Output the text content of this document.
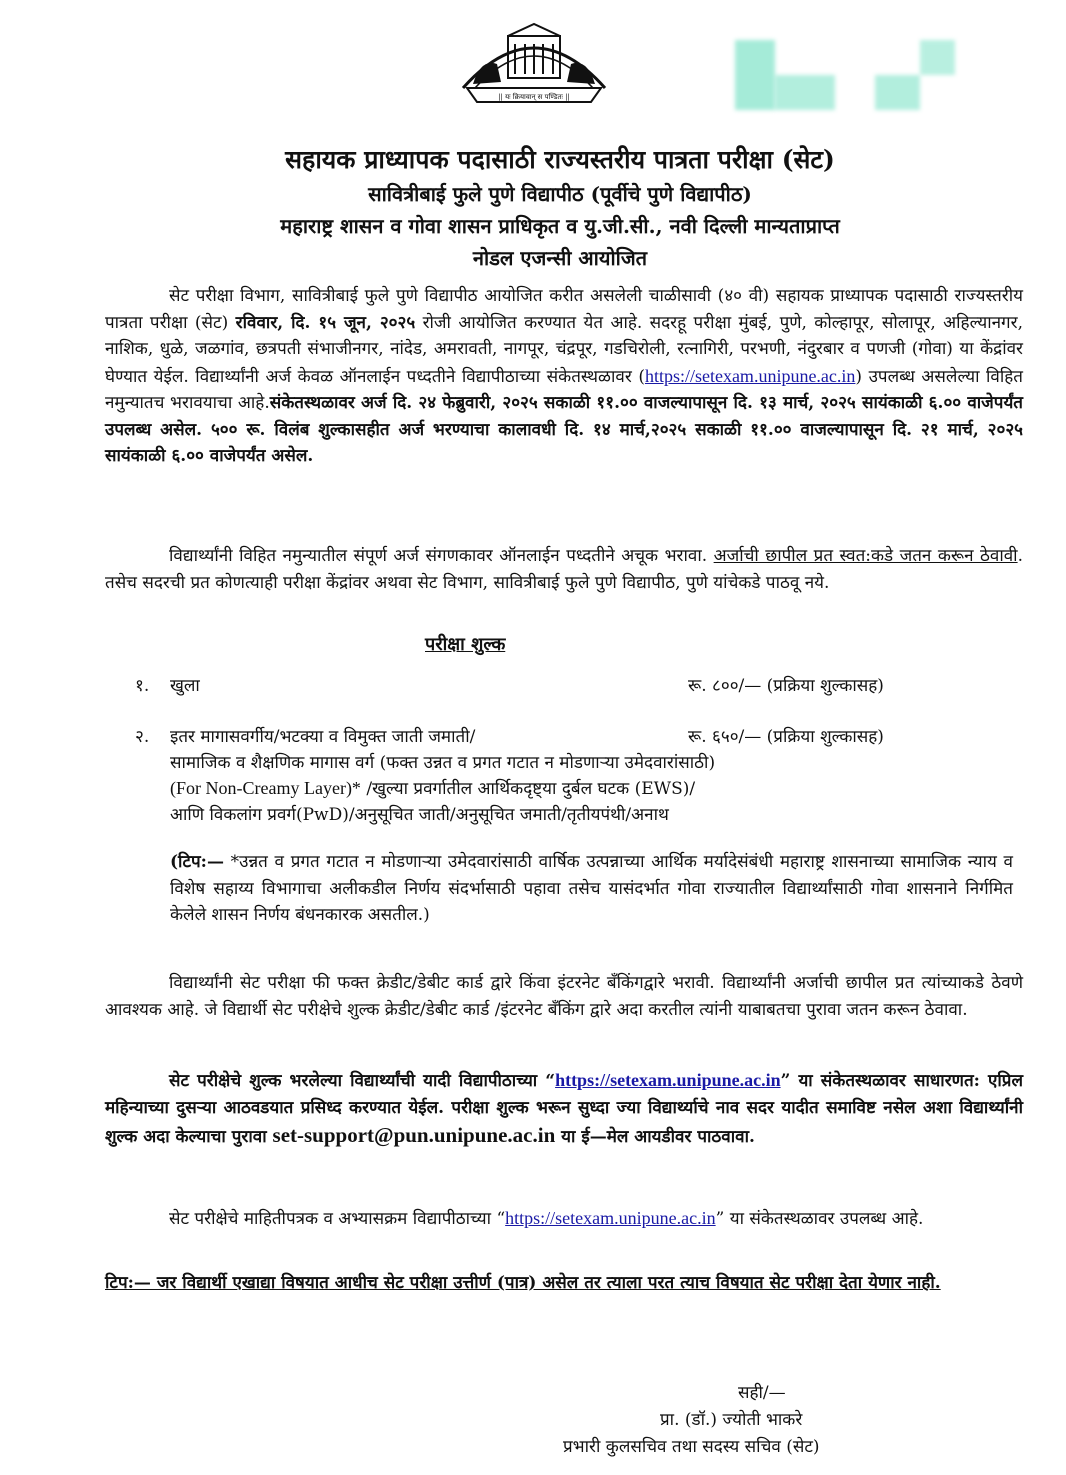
|| यः क्रियावान्‌ स पण्डितः ||
सहायक प्राध्यापक पदासाठी राज्यस्तरीय पात्रता परीक्षा (सेट)
सावित्रीबाई फुले पुणे विद्यापीठ (पूर्वीचे पुणे विद्यापीठ)
महाराष्ट्र शासन व गोवा शासन प्राधिकृत व यु.जी.सी., नवी दिल्ली मान्यताप्राप्त
नोडल एजन्सी आयोजित

सेट परीक्षा विभाग, सावित्रीबाई फुले पुणे विद्यापीठ आयोजित करीत असलेली चाळीसावी (४० वी) सहायक प्राध्यापक पदासाठी राज्यस्तरीय पात्रता परीक्षा (सेट) रविवार, दि. १५ जून, २०२५ रोजी आयोजित करण्यात येत आहे. सदरहू परीक्षा मुंबई, पुणे, कोल्हापूर, सोलापूर, अहिल्यानगर, नाशिक, धुळे, जळगांव, छत्रपती संभाजीनगर, नांदेड, अमरावती, नागपूर, चंद्रपूर, गडचिरोली, रत्नागिरी, परभणी, नंदुरबार व पणजी (गोवा) या केंद्रांवर घेण्यात येईल. विद्यार्थ्यांनी अर्ज केवळ ऑनलाईन पध्दतीने विद्यापीठाच्या संकेतस्थळावर (https://setexam.unipune.ac.in) उपलब्ध असलेल्या विहित नमुन्यातच भरावयाचा आहे.संकेतस्थळावर अर्ज दि. २४ फेब्रुवारी, २०२५ सकाळी ११.०० वाजल्यापासून दि. १३ मार्च, २०२५ सायंकाळी ६.०० वाजेपर्यंत उपलब्ध असेल. ५०० रू. विलंब शुल्कासहीत अर्ज भरण्याचा कालावधी दि. १४ मार्च,२०२५ सकाळी ११.०० वाजल्यापासून दि. २१ मार्च, २०२५ सायंकाळी ६.०० वाजेपर्यंत असेल.

विद्यार्थ्यांनी विहित नमुन्यातील संपूर्ण अर्ज संगणकावर ऑनलाईन पध्दतीने अचूक भरावा. अर्जाची छापील प्रत स्वत:कडे जतन करून ठेवावी. तसेच सदरची प्रत कोणत्याही परीक्षा केंद्रांवर अथवा सेट विभाग, सावित्रीबाई फुले पुणे विद्यापीठ, पुणे यांचेकडे पाठवू नये.

परीक्षा शुल्क
१. खुला	रू. ८००/— (प्रक्रिया शुल्कासह)
२. इतर मागासवर्गीय/भटक्या व विमुक्त जाती जमाती/	रू. ६५०/— (प्रक्रिया शुल्कासह)
सामाजिक व शैक्षणिक मागास वर्ग (फक्त उन्नत व प्रगत गटात न मोडणाऱ्या उमेदवारांसाठी)
(For Non-Creamy Layer)* /खुल्या प्रवर्गातील आर्थिकदृष्ट्या दुर्बल घटक (EWS)/
आणि विकलांग प्रवर्ग(PwD)/अनुसूचित जाती/अनुसूचित जमाती/तृतीयपंथी/अनाथ

(टिप:— *उन्नत व प्रगत गटात न मोडणाऱ्या उमेदवारांसाठी वार्षिक उत्पन्नाच्या आर्थिक मर्यादेसंबंधी महाराष्ट्र शासनाच्या सामाजिक न्याय व विशेष सहाय्य विभागाचा अलीकडील निर्णय संदर्भासाठी पहावा तसेच यासंदर्भात गोवा राज्यातील विद्यार्थ्यांसाठी गोवा शासनाने निर्गमित केलेले शासन निर्णय बंधनकारक असतील.)

विद्यार्थ्यांनी सेट परीक्षा फी फक्त क्रेडीट/डेबीट कार्ड द्वारे किंवा इंटरनेट बॅंकिंगद्वारे भरावी. विद्यार्थ्यांनी अर्जाची छापील प्रत त्यांच्याकडे ठेवणे आवश्यक आहे. जे विद्यार्थी सेट परीक्षेचे शुल्क क्रेडीट/डेबीट कार्ड /इंटरनेट बॅंकिंग द्वारे अदा करतील त्यांनी याबाबतचा पुरावा जतन करून ठेवावा.

सेट परीक्षेचे शुल्क भरलेल्या विद्यार्थ्यांची यादी विद्यापीठाच्या “https://setexam.unipune.ac.in” या संकेतस्थळावर साधारणत: एप्रिल महिन्याच्या दुसऱ्या आठवडयात प्रसिध्द करण्यात येईल. परीक्षा शुल्क भरून सुध्दा ज्या विद्यार्थ्याचे नाव सदर यादीत समाविष्ट नसेल अशा विद्यार्थ्यांनी शुल्क अदा केल्याचा पुरावा set-support@pun.unipune.ac.in या ई—मेल आयडीवर पाठवावा.

सेट परीक्षेचे माहितीपत्रक व अभ्यासक्रम विद्यापीठाच्या “https://setexam.unipune.ac.in” या संकेतस्थळावर उपलब्ध आहे.

टिप:— जर विद्यार्थी एखाद्या विषयात आधीच सेट परीक्षा उत्तीर्ण (पात्र) असेल तर त्याला परत त्याच विषयात सेट परीक्षा देता येणार नाही.
सही/—
प्रा. (डॉ.) ज्योती भाकरे
प्रभारी कुलसचिव तथा सदस्य सचिव (सेट)
